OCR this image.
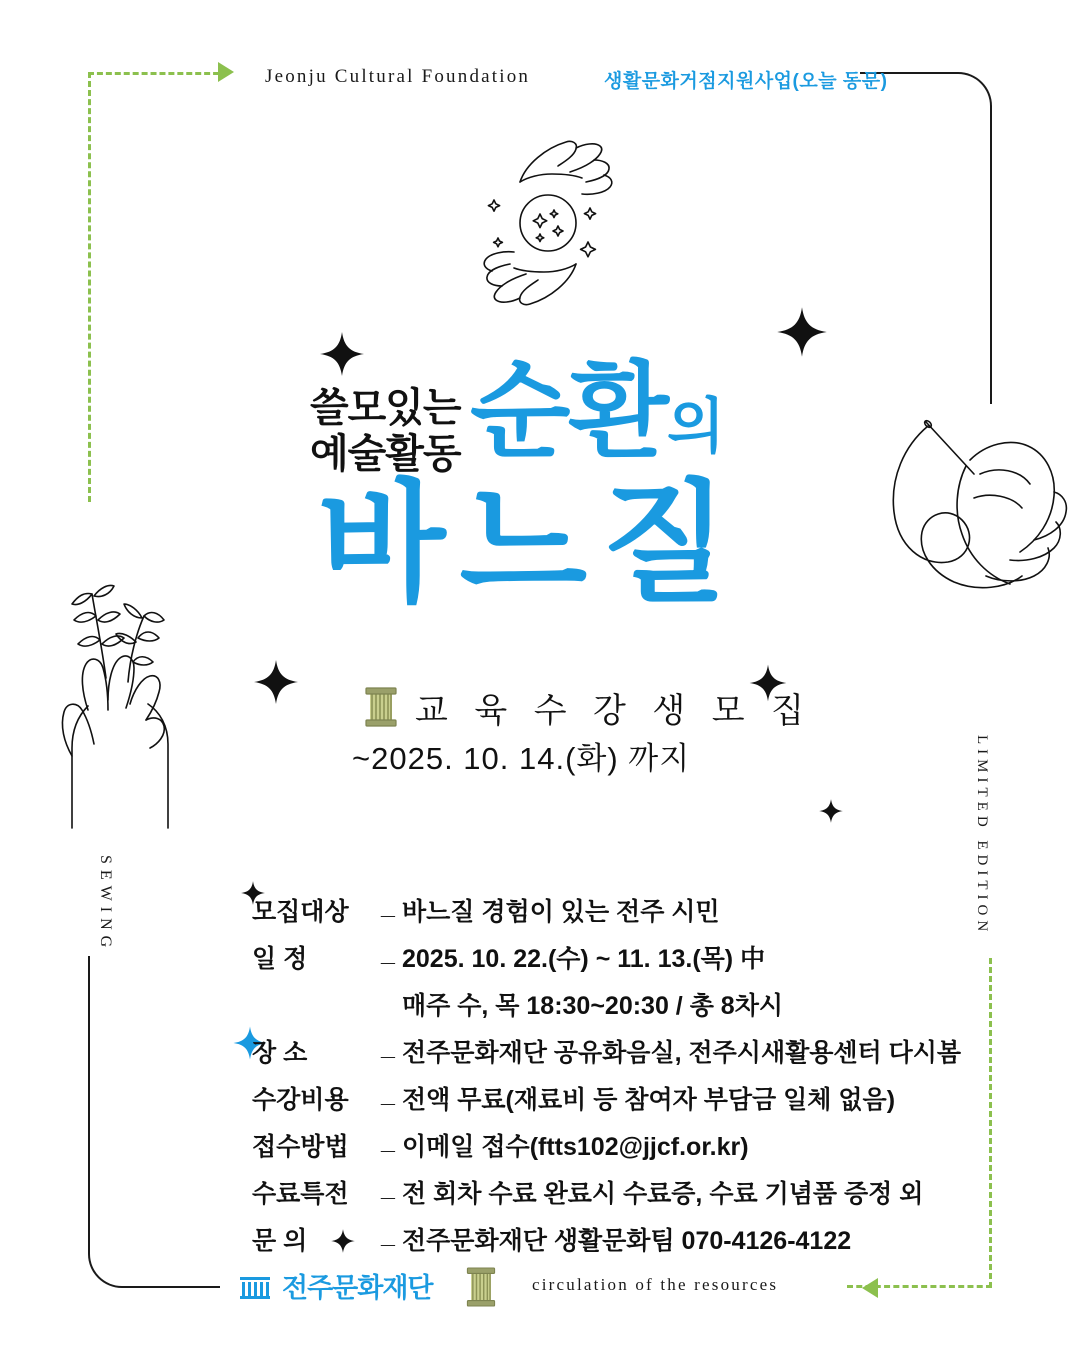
Jeonju Cultural Foundation	생활문화거점지원사업(오늘 동문)
SEWING	LIMITED EDITION
쓸모있는
예술활동 순환의
바느질
교 육 수 강 생 모 집
~2025. 10. 14.(화) 까지
모집대상	_ 바느질 경험이 있는 전주 시민
일 정	_ 2025. 10. 22.(수) ~ 11. 13.(목) 中
매주 수, 목 18:30~20:30 / 총 8차시
장 소	_ 전주문화재단 공유화음실, 전주시새활용센터 다시봄
수강비용	_ 전액 무료(재료비 등 참여자 부담금 일체 없음)
접수방법	_ 이메일 접수(ftts102@jjcf.or.kr)
수료특전	_ 전 회차 수료 완료시 수료증, 수료 기념품 증정 외
문 의	_ 전주문화재단 생활문화팀 070-4126-4122
전주문화재단	circulation of the resources
